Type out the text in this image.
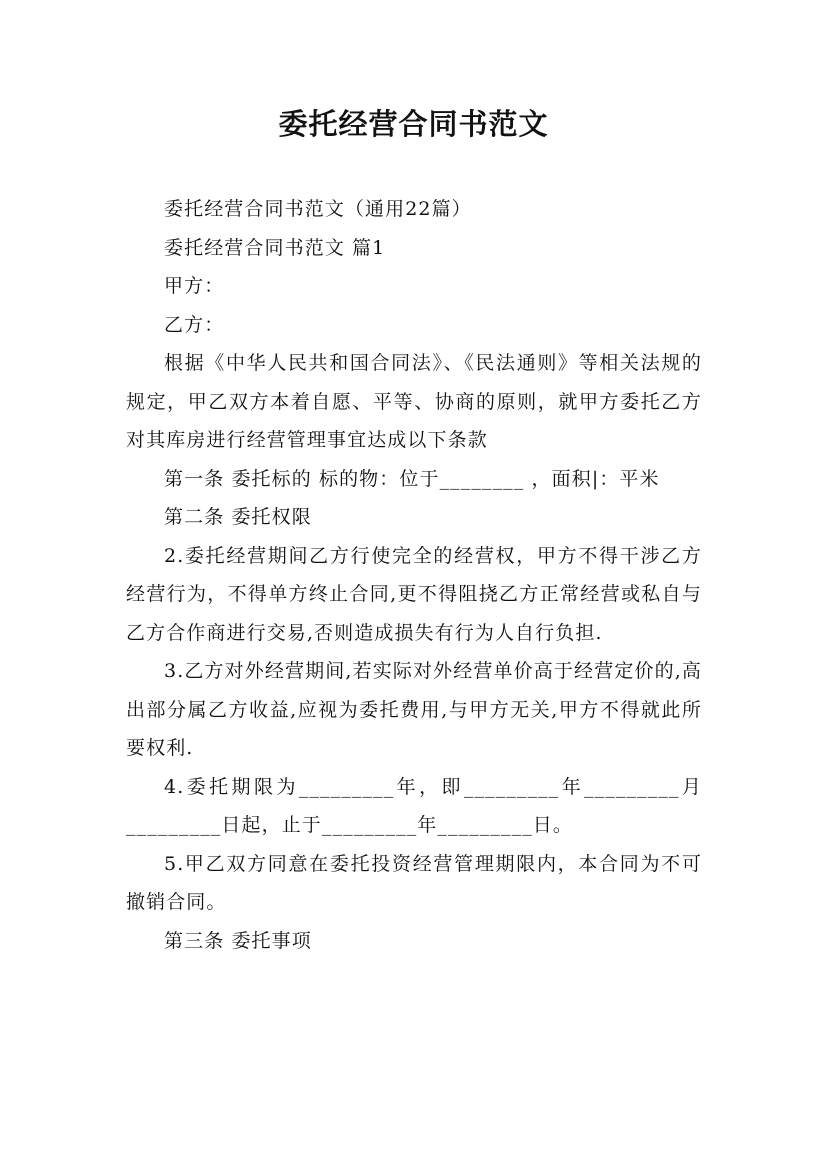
委托经营合同书范文

委托经营合同书范文（通用22篇）

委托经营合同书范文 篇1

甲方：

乙方：

根据《中华人民共和国合同法》、《民法通则》等相关法规的规定，甲乙双方本着自愿、平等、协商的原则，就甲方委托乙方对其库房进行经营管理事宜达成以下条款

第一条 委托标的 标的物：位于________ ，面积|：平米

第二条 委托权限

2.委托经营期间乙方行使完全的经营权，甲方不得干涉乙方经营行为，不得单方终止合同,更不得阻挠乙方正常经营或私自与乙方合作商进行交易,否则造成损失有行为人自行负担.

3.乙方对外经营期间,若实际对外经营单价高于经营定价的,高出部分属乙方收益,应视为委托费用,与甲方无关,甲方不得就此所要权利.

4.委托期限为_________年，即_________年_________月_________日起，止于_________年_________日。

5.甲乙双方同意在委托投资经营管理期限内，本合同为不可撤销合同。

第三条 委托事项
